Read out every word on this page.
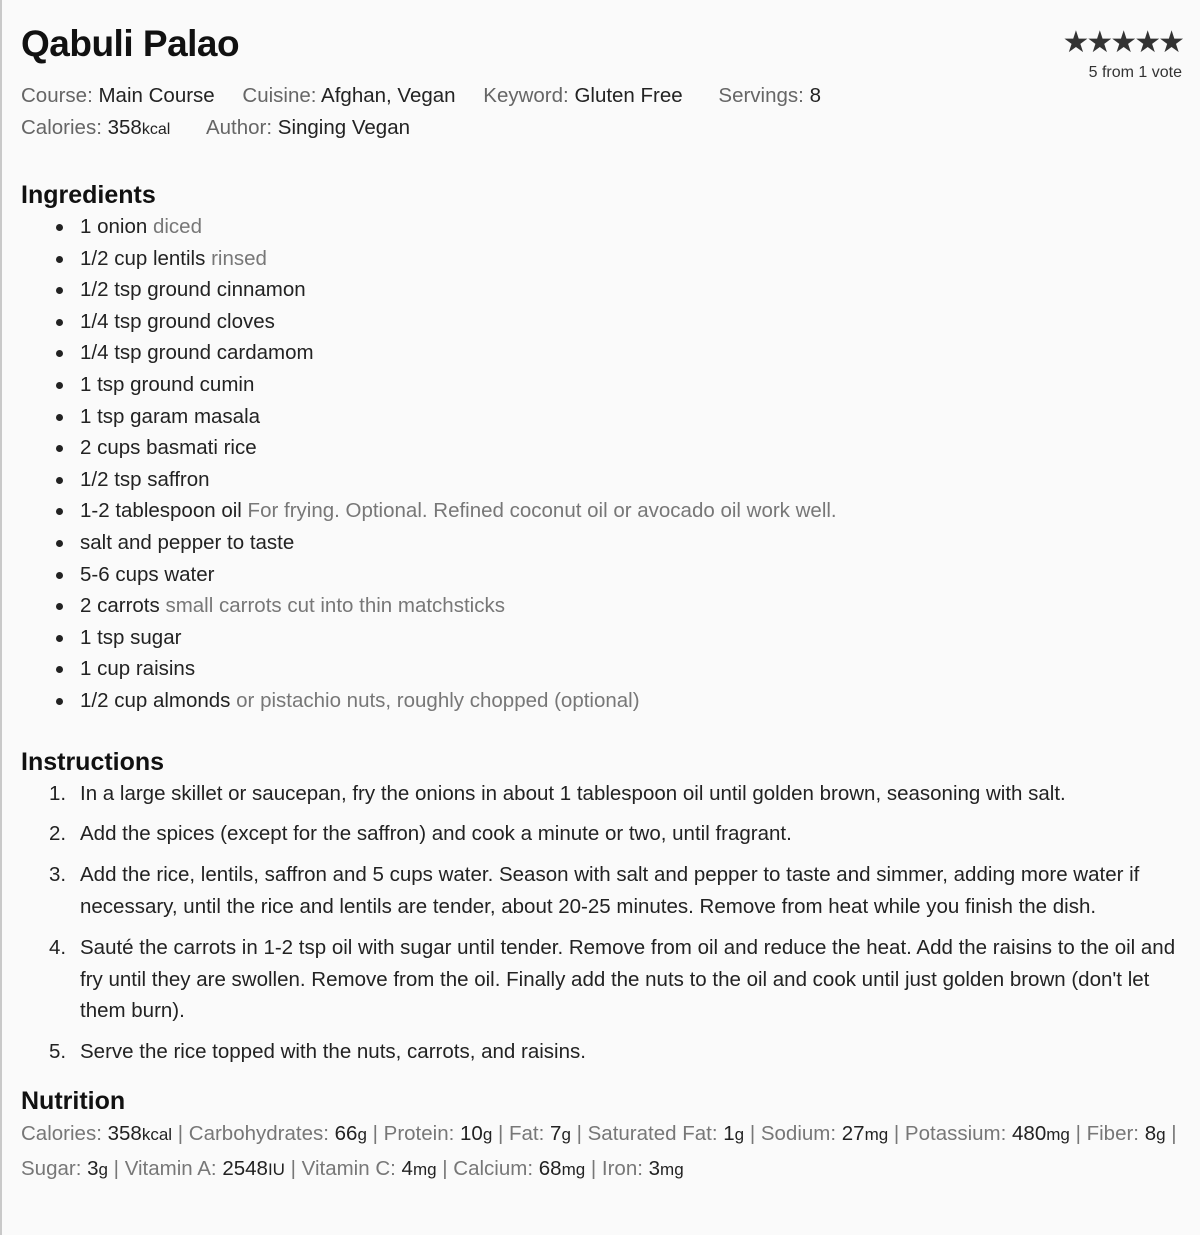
Qabuli Palao	★★★★★
5 from 1 vote
Course: Main Course Cuisine: Afghan, Vegan Keyword: Gluten Free Servings: 8
Calories: 358kcal Author: Singing Vegan
Ingredients
1 onion diced
1/2 cup lentils rinsed
1/2 tsp ground cinnamon
1/4 tsp ground cloves
1/4 tsp ground cardamom
1 tsp ground cumin
1 tsp garam masala
2 cups basmati rice
1/2 tsp saffron
1-2 tablespoon oil For frying. Optional. Refined coconut oil or avocado oil work well.
salt and pepper to taste
5-6 cups water
2 carrots small carrots cut into thin matchsticks
1 tsp sugar
1 cup raisins
1/2 cup almonds or pistachio nuts, roughly chopped (optional)
Instructions
1. In a large skillet or saucepan, fry the onions in about 1 tablespoon oil until golden brown, seasoning with salt.
2. Add the spices (except for the saffron) and cook a minute or two, until fragrant.
3. Add the rice, lentils, saffron and 5 cups water. Season with salt and pepper to taste and simmer, adding more water if necessary, until the rice and lentils are tender, about 20-25 minutes. Remove from heat while you finish the dish.
4. Sauté the carrots in 1-2 tsp oil with sugar until tender. Remove from oil and reduce the heat. Add the raisins to the oil and fry until they are swollen. Remove from the oil. Finally add the nuts to the oil and cook until just golden brown (don't let them burn).
5. Serve the rice topped with the nuts, carrots, and raisins.
Nutrition
Calories: 358kcal | Carbohydrates: 66g | Protein: 10g | Fat: 7g | Saturated Fat: 1g | Sodium: 27mg | Potassium: 480mg | Fiber: 8g | Sugar: 3g | Vitamin A: 2548IU | Vitamin C: 4mg | Calcium: 68mg | Iron: 3mg
